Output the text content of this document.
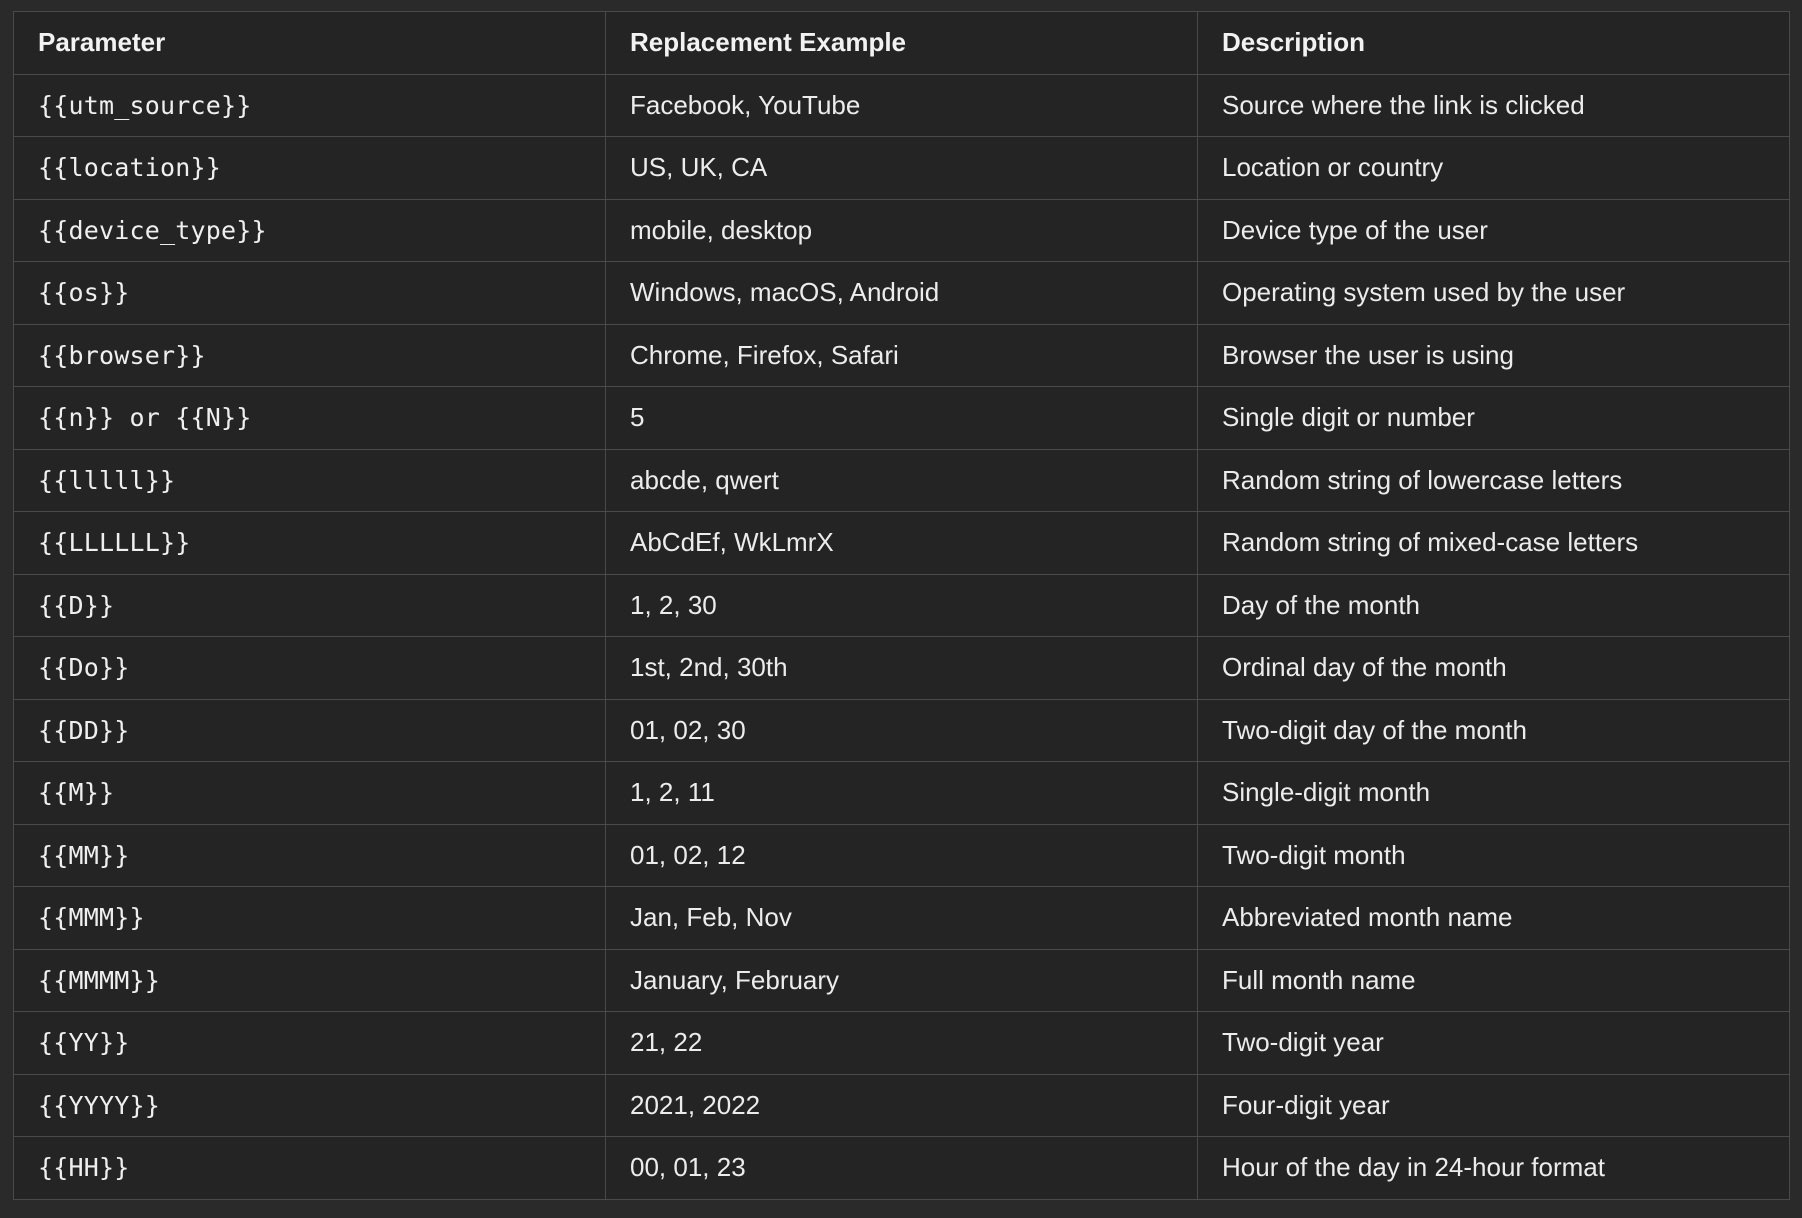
Parameter	Replacement Example	Description
{{utm_source}}	Facebook, YouTube	Source where the link is clicked
{{location}}	US, UK, CA	Location or country
{{device_type}}	mobile, desktop	Device type of the user
{{os}}	Windows, macOS, Android	Operating system used by the user
{{browser}}	Chrome, Firefox, Safari	Browser the user is using
{{n}} or {{N}}	5	Single digit or number
{{lllll}}	abcde, qwert	Random string of lowercase letters
{{LLLLLL}}	AbCdEf, WkLmrX	Random string of mixed-case letters
{{D}}	1, 2, 30	Day of the month
{{Do}}	1st, 2nd, 30th	Ordinal day of the month
{{DD}}	01, 02, 30	Two-digit day of the month
{{M}}	1, 2, 11	Single-digit month
{{MM}}	01, 02, 12	Two-digit month
{{MMM}}	Jan, Feb, Nov	Abbreviated month name
{{MMMM}}	January, February	Full month name
{{YY}}	21, 22	Two-digit year
{{YYYY}}	2021, 2022	Four-digit year
{{HH}}	00, 01, 23	Hour of the day in 24-hour format
